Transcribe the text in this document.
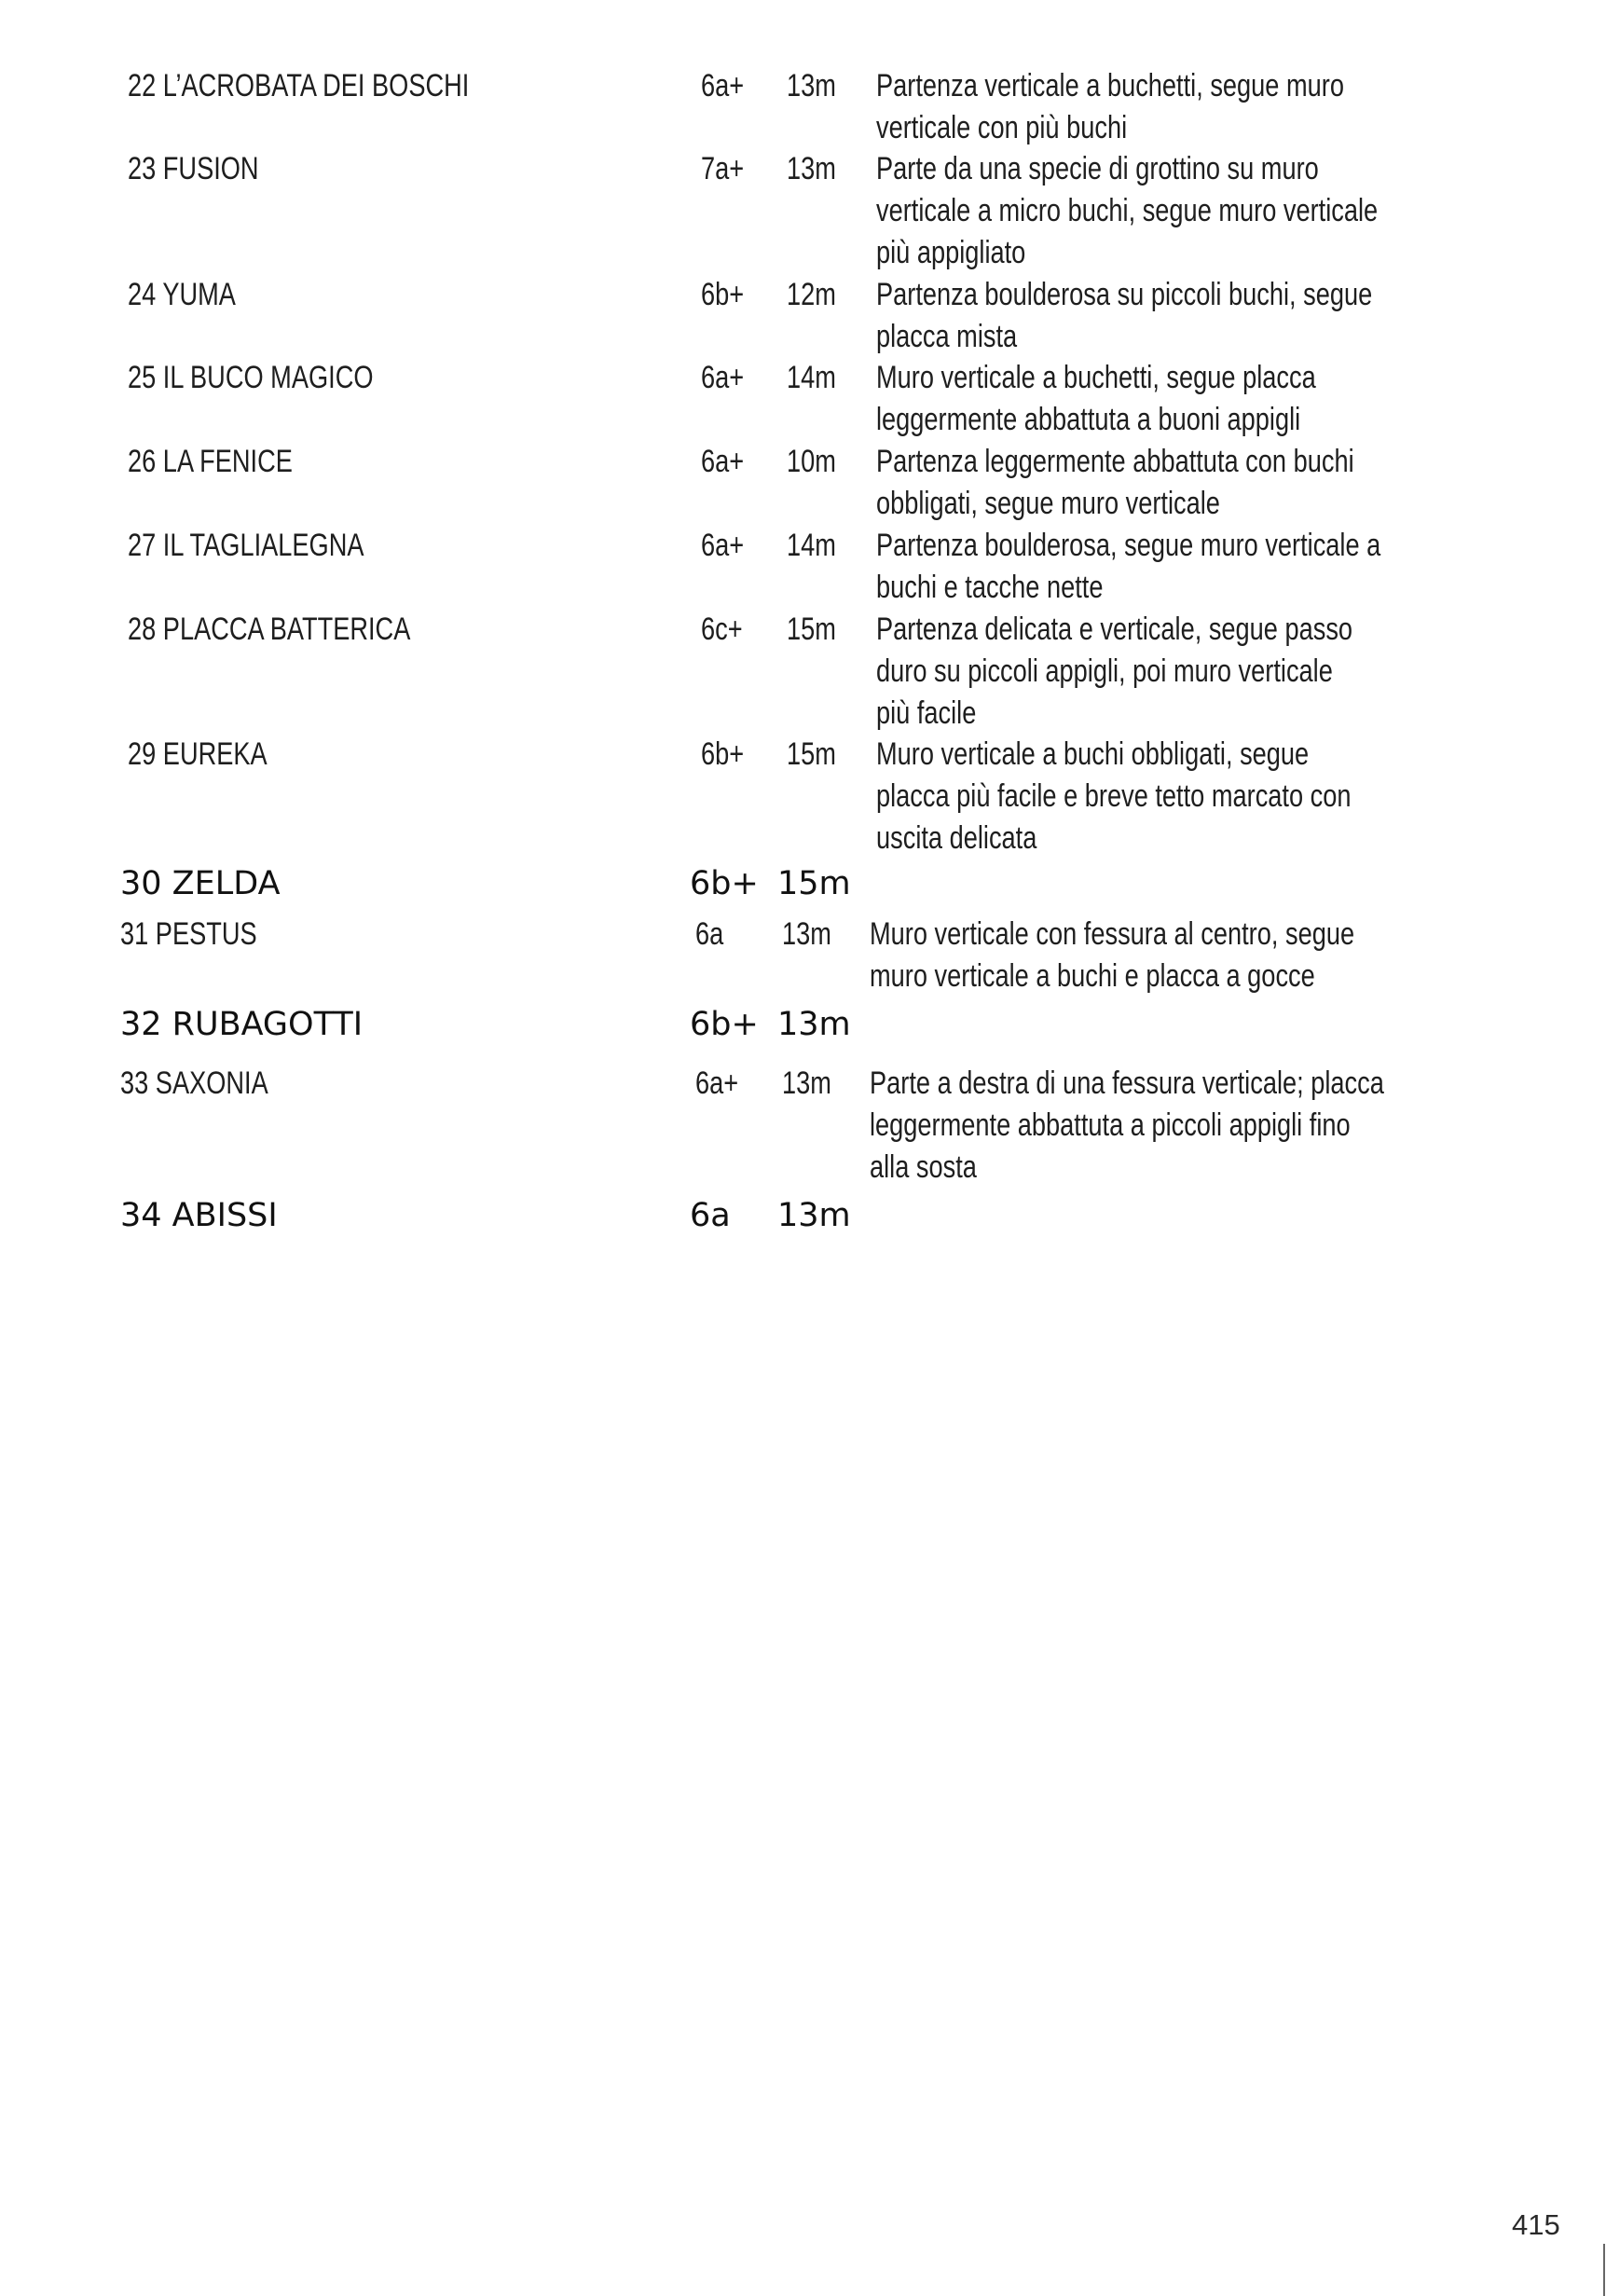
22 L’ACROBATA DEI BOSCHI	6a+ 13m Partenza verticale a buchetti, segue muro
verticale con più buchi
23 FUSION	7a+ 13m Parte da una specie di grottino su muro
verticale a micro buchi, segue muro verticale
più appigliato
24 YUMA	6b+ 12m Partenza boulderosa su piccoli buchi, segue
placca mista
25 IL BUCO MAGICO	6a+ 14m Muro verticale a buchetti, segue placca
leggermente abbattuta a buoni appigli
26 LA FENICE	6a+ 10m Partenza leggermente abbattuta con buchi
obbligati, segue muro verticale
27 IL TAGLIALEGNA	6a+ 14m Partenza boulderosa, segue muro verticale a
buchi e tacche nette
28 PLACCA BATTERICA	6c+ 15m Partenza delicata e verticale, segue passo
duro su piccoli appigli, poi muro verticale
più facile
29 EUREKA	6b+ 15m Muro verticale a buchi obbligati, segue
placca più facile e breve tetto marcato con
uscita delicata
30 ZELDA	6b+ 15m
31 PESTUS	6a 13m Muro verticale con fessura al centro, segue
muro verticale a buchi e placca a gocce
32 RUBAGOTTI	6b+ 13m
33 SAXONIA	6a+ 13m Parte a destra di una fessura verticale; placca
leggermente abbattuta a piccoli appigli fino
alla sosta
34 ABISSI	6a 13m
415
